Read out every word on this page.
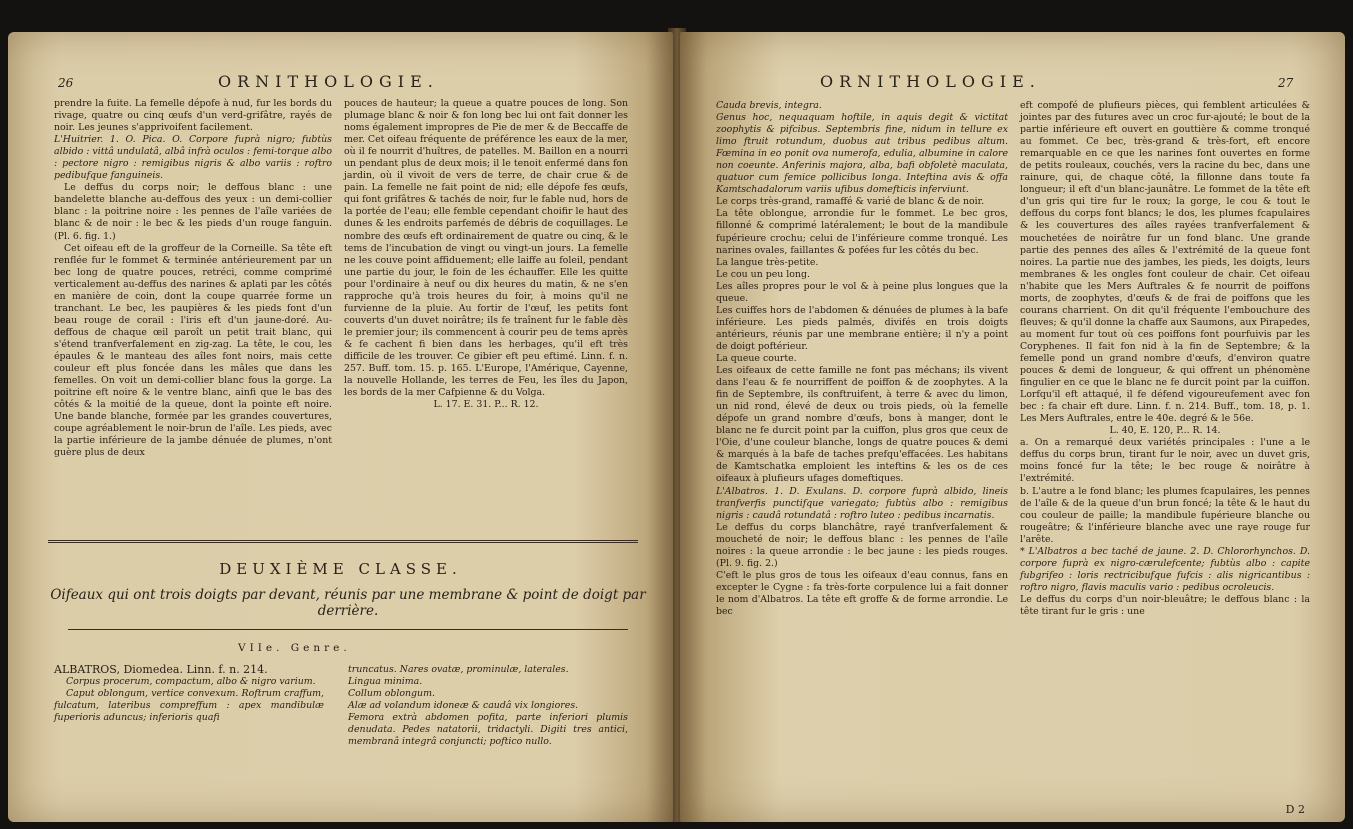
26	ORNITHOLOGIE.

prendre la fuite. La femelle dépofe à nud, fur les bords du rivage, quatre ou cinq œufs d'un verd-grifâtre, rayés de noir. Les jeunes s'apprivoifent facilement.

L'Huitrier. 1. O. Pica. O. Corpore fuprà nigro; fubtùs albido : vittâ undulatâ, albâ infrà oculos : femi-torque albo : pectore nigro : remigibus nigris & albo variis : roftro pedibufque fanguineis.

Le deffus du corps noir; le deffous blanc : une bandelette blanche au-deffous des yeux : un demi-collier blanc : la poitrine noire : les pennes de l'aîle variées de blanc & de noir : le bec & les pieds d'un rouge fanguin. (Pl. 6. fig. 1.)

Cet oifeau eft de la groffeur de la Corneille. Sa tête eft renflée fur le fommet & terminée antérieurement par un bec long de quatre pouces, retréci, comme comprimé verticalement au-deffus des narines & aplati par les côtés en manière de coin, dont la coupe quarrée forme un tranchant. Le bec, les paupières & les pieds font d'un beau rouge de corail : l'iris eft d'un jaune-doré. Au-deffous de chaque œil paroît un petit trait blanc, qui s'étend tranfverfalement en zig-zag. La tête, le cou, les épaules & le manteau des aîles font noirs, mais cette couleur eft plus foncée dans les mâles que dans les femelles. On voit un demi-collier blanc fous la gorge. La poitrine eft noire & le ventre blanc, ainfi que le bas des côtés & la moitié de la queue, dont la pointe eft noire. Une bande blanche, formée par les grandes couvertures, coupe agréablement le noir-brun de l'aîle. Les pieds, avec la partie inférieure de la jambe dénuée de plumes, n'ont guère plus de deux

pouces de hauteur; la queue a quatre pouces de long. Son plumage blanc & noir & fon long bec lui ont fait donner les noms également impropres de Pie de mer & de Beccaffe de mer. Cet oifeau fréquente de préférence les eaux de la mer, où il fe nourrit d'huîtres, de patelles. M. Baillon en a nourri un pendant plus de deux mois; il le tenoit enfermé dans fon jardin, où il vivoit de vers de terre, de chair crue & de pain. La femelle ne fait point de nid; elle dépofe fes œufs, qui font grifâtres & tachés de noir, fur le fable nud, hors de la portée de l'eau; elle femble cependant choifir le haut des dunes & les endroits parfemés de débris de coquillages. Le nombre des œufs eft ordinairement de quatre ou cinq, & le tems de l'incubation de vingt ou vingt-un jours. La femelle ne les couve point affiduement; elle laiffe au foleil, pendant une partie du jour, le foin de les échauffer. Elle les quitte pour l'ordinaire à neuf ou dix heures du matin, & ne s'en rapproche qu'à trois heures du foir, à moins qu'il ne furvienne de la pluie. Au fortir de l'œuf, les petits font couverts d'un duvet noirâtre; ils fe traînent fur le fable dès le premier jour; ils commencent à courir peu de tems après & fe cachent fi bien dans les herbages, qu'il eft très difficile de les trouver. Ce gibier eft peu eftimé. Linn. f. n. 257. Buff. tom. 15. p. 165. L'Europe, l'Amérique, Cayenne, la nouvelle Hollande, les terres de Feu, les îles du Japon, les bords de la mer Cafpienne & du Volga.

L. 17. E. 31. P... R. 12.

DEUXIÈME CLASSE.
Oifeaux qui ont trois doigts par devant, réunis par une membrane & point de doigt par derrière.
VIIe. Genre.

ALBATROS, Diomedea. Linn. f. n. 214.

Corpus procerum, compactum, albo & nigro varium.

Caput oblongum, vertice convexum. Roftrum craffum, fulcatum, lateribus compreffum : apex mandibulæ fuperioris aduncus; inferioris quafi

truncatus. Nares ovatæ, prominulæ, laterales.

Lingua minima.

Collum oblongum.

Alæ ad volandum idoneæ & caudâ vix longiores.

Femora extrà abdomen pofita, parte inferiori plumis denudata. Pedes natatorii, tridactyli. Digiti tres antici, membranâ integrâ conjuncti; poftico nullo.

ORNITHOLOGIE.	27

Cauda brevis, integra.

Genus hoc, nequaquam hoftile, in aquis degit & victitat zoophytis & pifcibus. Septembris fine, nidum in tellure ex limo ftruit rotundum, duobus aut tribus pedibus altum. Fœmina in eo ponit ova numerofa, edulia, albumine in calore non coeunte. Anferinis majora, alba, bafi obfoletè maculata, quatuor cum femice pollicibus longa. Inteftina avis & offa Kamtschadalorum variis ufibus domefticis inferviunt.

Le corps très-grand, ramaffé & varié de blanc & de noir.

La tête oblongue, arrondie fur le fommet. Le bec gros, fillonné & comprimé latéralement; le bout de la mandibule fupérieure crochu; celui de l'inférieure comme tronqué. Les narines ovales, faillantes & pofées fur les côtés du bec.

La langue très-petite.

Le cou un peu long.

Les aîles propres pour le vol & à peine plus longues que la queue.

Les cuiffes hors de l'abdomen & dénuées de plumes à la bafe inférieure. Les pieds palmés, divifés en trois doigts antérieurs, réunis par une membrane entière; il n'y a point de doigt poftérieur.

La queue courte.

Les oifeaux de cette famille ne font pas méchans; ils vivent dans l'eau & fe nourriffent de poiffon & de zoophytes. A la fin de Septembre, ils conftruifent, à terre & avec du limon, un nid rond, élevé de deux ou trois pieds, où la femelle dépofe un grand nombre d'œufs, bons à manger, dont le blanc ne fe durcit point par la cuiffon, plus gros que ceux de l'Oie, d'une couleur blanche, longs de quatre pouces & demi & marqués à la bafe de taches prefqu'effacées. Les habitans de Kamtschatka emploient les inteftins & les os de ces oifeaux à plufieurs ufages domeftiques.

L'Albatros. 1. D. Exulans. D. corpore fuprà albido, lineis tranfverfis punctifque variegato; fubtùs albo : remigibus nigris : caudâ rotundatâ : roftro luteo : pedibus incarnatis.

Le deffus du corps blanchâtre, rayé tranfverfalement & moucheté de noir; le deffous blanc : les pennes de l'aîle noires : la queue arrondie : le bec jaune : les pieds rouges. (Pl. 9. fig. 2.)

C'eft le plus gros de tous les oifeaux d'eau connus, fans en excepter le Cygne : fa très-forte corpulence lui a fait donner le nom d'Albatros. La tête eft groffe & de forme arrondie. Le bec

eft compofé de plufieurs pièces, qui femblent articulées & jointes par des futures avec un croc fur-ajouté; le bout de la partie inférieure eft ouvert en gouttière & comme tronqué au fommet. Ce bec, très-grand & très-fort, eft encore remarquable en ce que les narines font ouvertes en forme de petits rouleaux, couchés, vers la racine du bec, dans une rainure, qui, de chaque côté, la fillonne dans toute fa longueur; il eft d'un blanc-jaunâtre. Le fommet de la tête eft d'un gris qui tire fur le roux; la gorge, le cou & tout le deffous du corps font blancs; le dos, les plumes fcapulaires & les couvertures des aîles rayées tranfverfalement & mouchetées de noirâtre fur un fond blanc. Une grande partie des pennes des aîles & l'extrémité de la queue font noires. La partie nue des jambes, les pieds, les doigts, leurs membranes & les ongles font couleur de chair. Cet oifeau n'habite que les Mers Auftrales & fe nourrit de poiffons morts, de zoophytes, d'œufs & de frai de poiffons que les courans charrient. On dit qu'il fréquente l'embouchure des fleuves; & qu'il donne la chaffe aux Saumons, aux Pirapedes, au moment fur tout où ces poiffons font pourfuivis par les Coryphenes. Il fait fon nid à la fin de Septembre; & la femelle pond un grand nombre d'œufs, d'environ quatre pouces & demi de longueur, & qui offrent un phénomène fingulier en ce que le blanc ne fe durcit point par la cuiffon. Lorfqu'il eft attaqué, il fe défend vigoureufement avec fon bec : fa chair eft dure. Linn. f. n. 214. Buff., tom. 18, p. 1. Les Mers Auftrales, entre le 40e. degré & le 56e.

L. 40, E. 120, P... R. 14.

a. On a remarqué deux variétés principales : l'une a le deffus du corps brun, tirant fur le noir, avec un duvet gris, moins foncé fur la tête; le bec rouge & noirâtre à l'extrémité.

b. L'autre a le fond blanc; les plumes fcapulaires, les pennes de l'aîle & de la queue d'un brun foncé; la tête & le haut du cou couleur de paille; la mandibule fupérieure blanche ou rougeâtre; & l'inférieure blanche avec une raye rouge fur l'arête.

* L'Albatros a bec taché de jaune. 2. D. Chlororhynchos. D. corpore fuprà ex nigro-cærulefcente; fubtùs albo : capite fubgrifeo : loris rectricibufque fufcis : alis nigricantibus : roftro nigro, flavis maculis vario : pedibus ocroleucis.

Le deffus du corps d'un noir-bleuâtre; le deffous blanc : la tête tirant fur le gris : une

D 2
